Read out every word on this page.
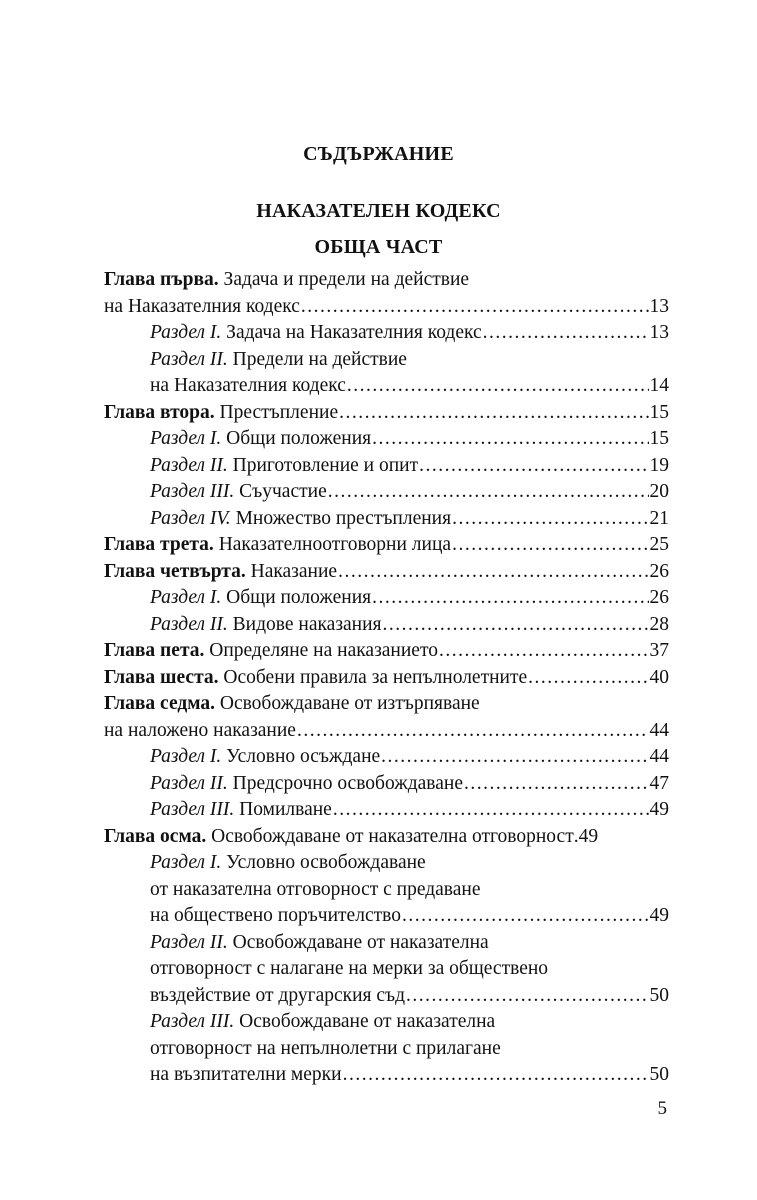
СЪДЪРЖАНИЕ
НАКАЗАТЕЛЕН КОДЕКС
ОБЩА ЧАСТ
Глава първа. Задача и предели на действие
на Наказателния кодекс .....	13
Раздел I. Задача на Наказателния кодекс .....	13
Раздел II. Предели на действие
на Наказателния кодекс .....	14
Глава втора. Престъпление .....	15
Раздел I. Общи положения .....	15
Раздел II. Приготовление и опит .....	19
Раздел III. Съучастие .....	20
Раздел IV. Множество престъпления .....	21
Глава трета. Наказателноотговорни лица .....	25
Глава четвърта. Наказание .....	26
Раздел I. Общи положения .....	26
Раздел II. Видове наказания .....	28
Глава пета. Определяне на наказанието .....	37
Глава шеста. Особени правила за непълнолетните .....	40
Глава седма. Освобождаване от изтърпяване
на наложено наказание .....	44
Раздел I. Условно осъждане .....	44
Раздел II. Предсрочно освобождаване .....	47
Раздел III. Помилване .....	49
Глава осма. Освобождаване от наказателна отговорност .49
Раздел I. Условно освобождаване
от наказателна отговорност с предаване
на обществено поръчителство .....	49
Раздел II. Освобождаване от наказателна
отговорност с налагане на мерки за обществено
въздействие от другарския съд .....	50
Раздел III. Освобождаване от наказателна
отговорност на непълнолетни с прилагане
на възпитателни мерки .....	50
5
